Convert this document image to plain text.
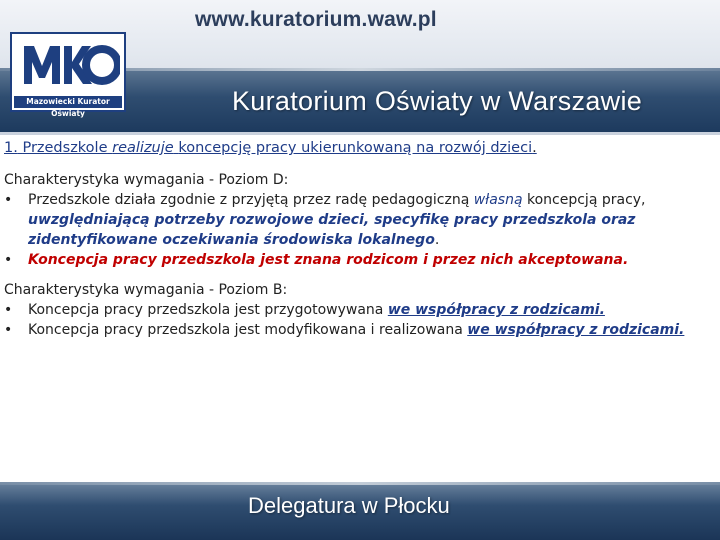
www.kuratorium.waw.pl
Mazowiecki Kurator Oświaty	Kuratorium Oświaty w Warszawie

1. Przedszkole realizuje koncepcję pracy ukierunkowaną na rozwój dzieci.

Charakterystyka wymagania - Poziom D:

•	Przedszkole działa zgodnie z przyjętą przez radę pedagogiczną własną koncepcją pracy, uwzględniającą potrzeby rozwojowe dzieci, specyfikę pracy przedszkola oraz zidentyfikowane oczekiwania środowiska lokalnego.
•	Koncepcja pracy przedszkola jest znana rodzicom i przez nich akceptowana.

Charakterystyka wymagania - Poziom B:

•	Koncepcja pracy przedszkola jest przygotowywana we współpracy z rodzicami.
•	Koncepcja pracy przedszkola jest modyfikowana i realizowana we współpracy z rodzicami.
Delegatura w Płocku
